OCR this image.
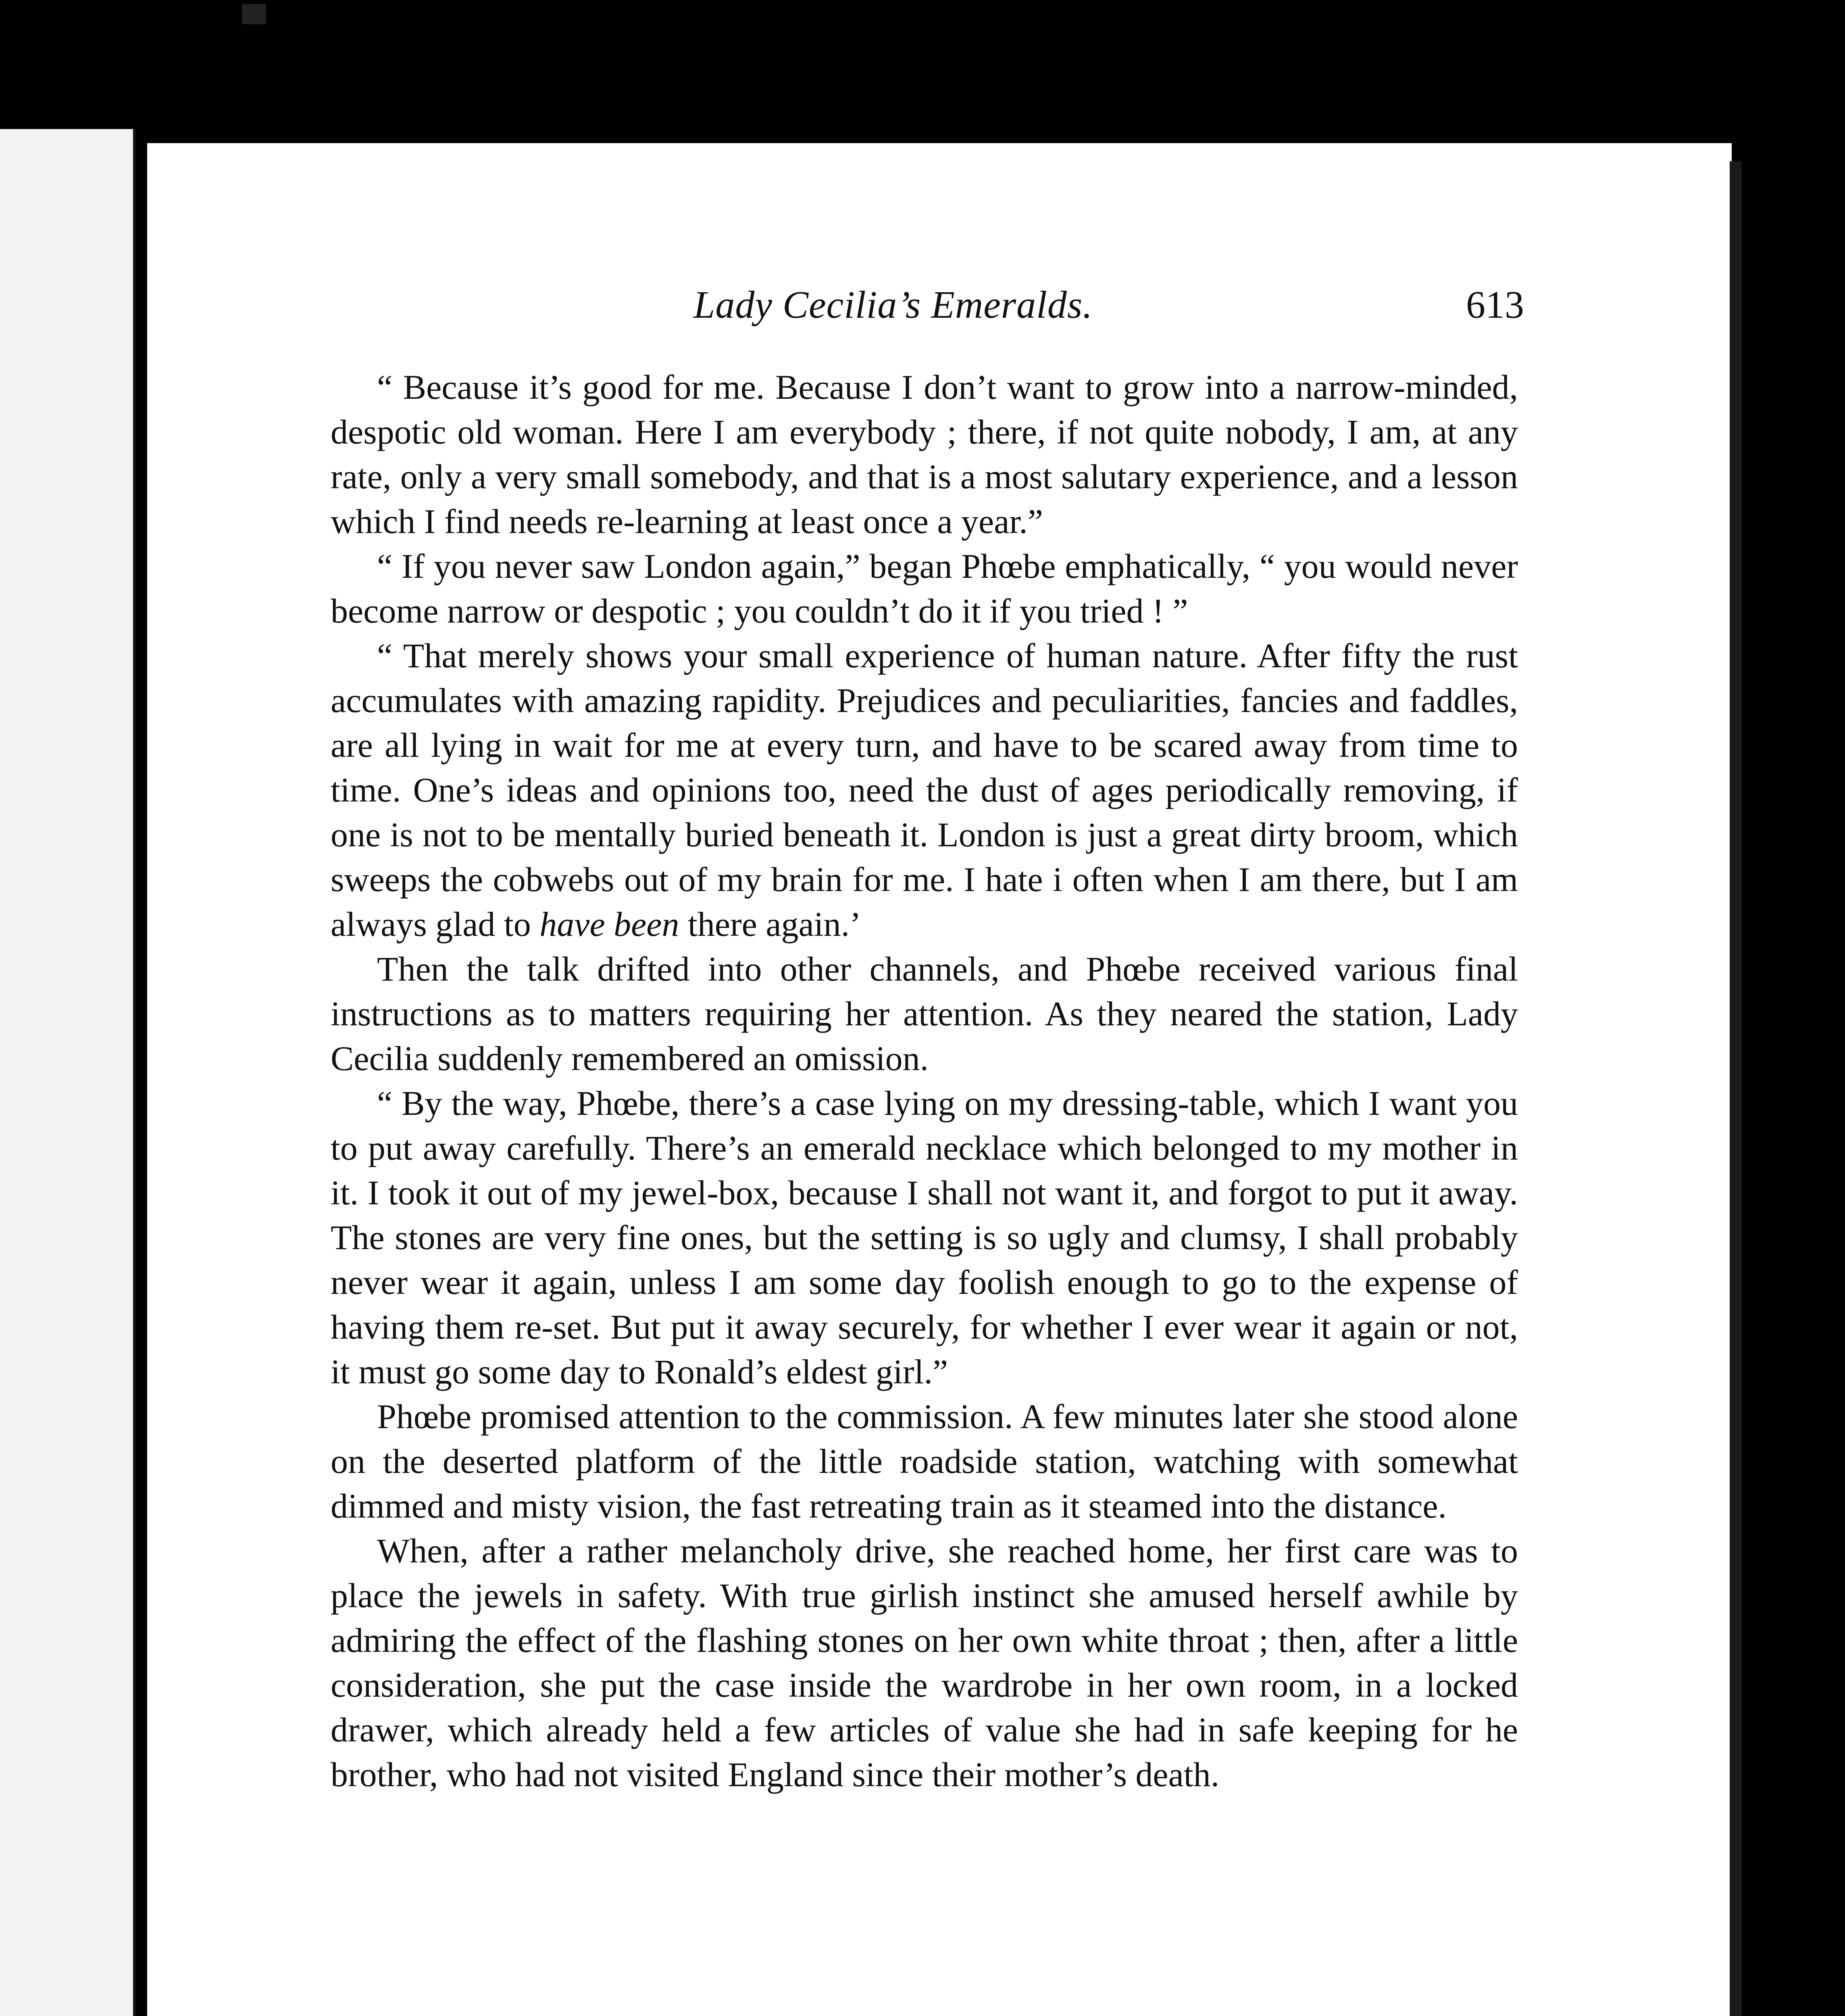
Lady Cecilia’s Emeralds.	613

“ Because it’s good for me. Because I don’t want to grow into a narrow-minded, despotic old woman. Here I am everybody ; there, if not quite nobody, I am, at any rate, only a very small somebody, and that is a most salutary experience, and a lesson which I find needs re-learning at least once a year.”

“ If you never saw London again,” began Phœbe emphatically, “ you would never become narrow or despotic ; you couldn’t do it if you tried ! ”

“ That merely shows your small experience of human nature. After fifty the rust accumulates with amazing rapidity. Prejudices and peculiarities, fancies and faddles, are all lying in wait for me at every turn, and have to be scared away from time to time. One’s ideas and opinions too, need the dust of ages periodically removing, if one is not to be mentally buried beneath it. London is just a great dirty broom, which sweeps the cobwebs out of my brain for me. I hate i often when I am there, but I am always glad to have been there again.’

Then the talk drifted into other channels, and Phœbe received various final instructions as to matters requiring her attention. As they neared the station, Lady Cecilia suddenly remembered an omission.

“ By the way, Phœbe, there’s a case lying on my dressing-table, which I want you to put away carefully. There’s an emerald necklace which belonged to my mother in it. I took it out of my jewel-box, because I shall not want it, and forgot to put it away. The stones are very fine ones, but the setting is so ugly and clumsy, I shall probably never wear it again, unless I am some day foolish enough to go to the expense of having them re-set. But put it away securely, for whether I ever wear it again or not, it must go some day to Ronald’s eldest girl.”

Phœbe promised attention to the commission. A few minutes later she stood alone on the deserted platform of the little roadside station, watching with somewhat dimmed and misty vision, the fast retreating train as it steamed into the distance.

When, after a rather melancholy drive, she reached home, her first care was to place the jewels in safety. With true girlish instinct she amused herself awhile by admiring the effect of the flashing stones on her own white throat ; then, after a little consideration, she put the case inside the wardrobe in her own room, in a locked drawer, which already held a few articles of value she had in safe keeping for he brother, who had not visited England since their mother’s death.
